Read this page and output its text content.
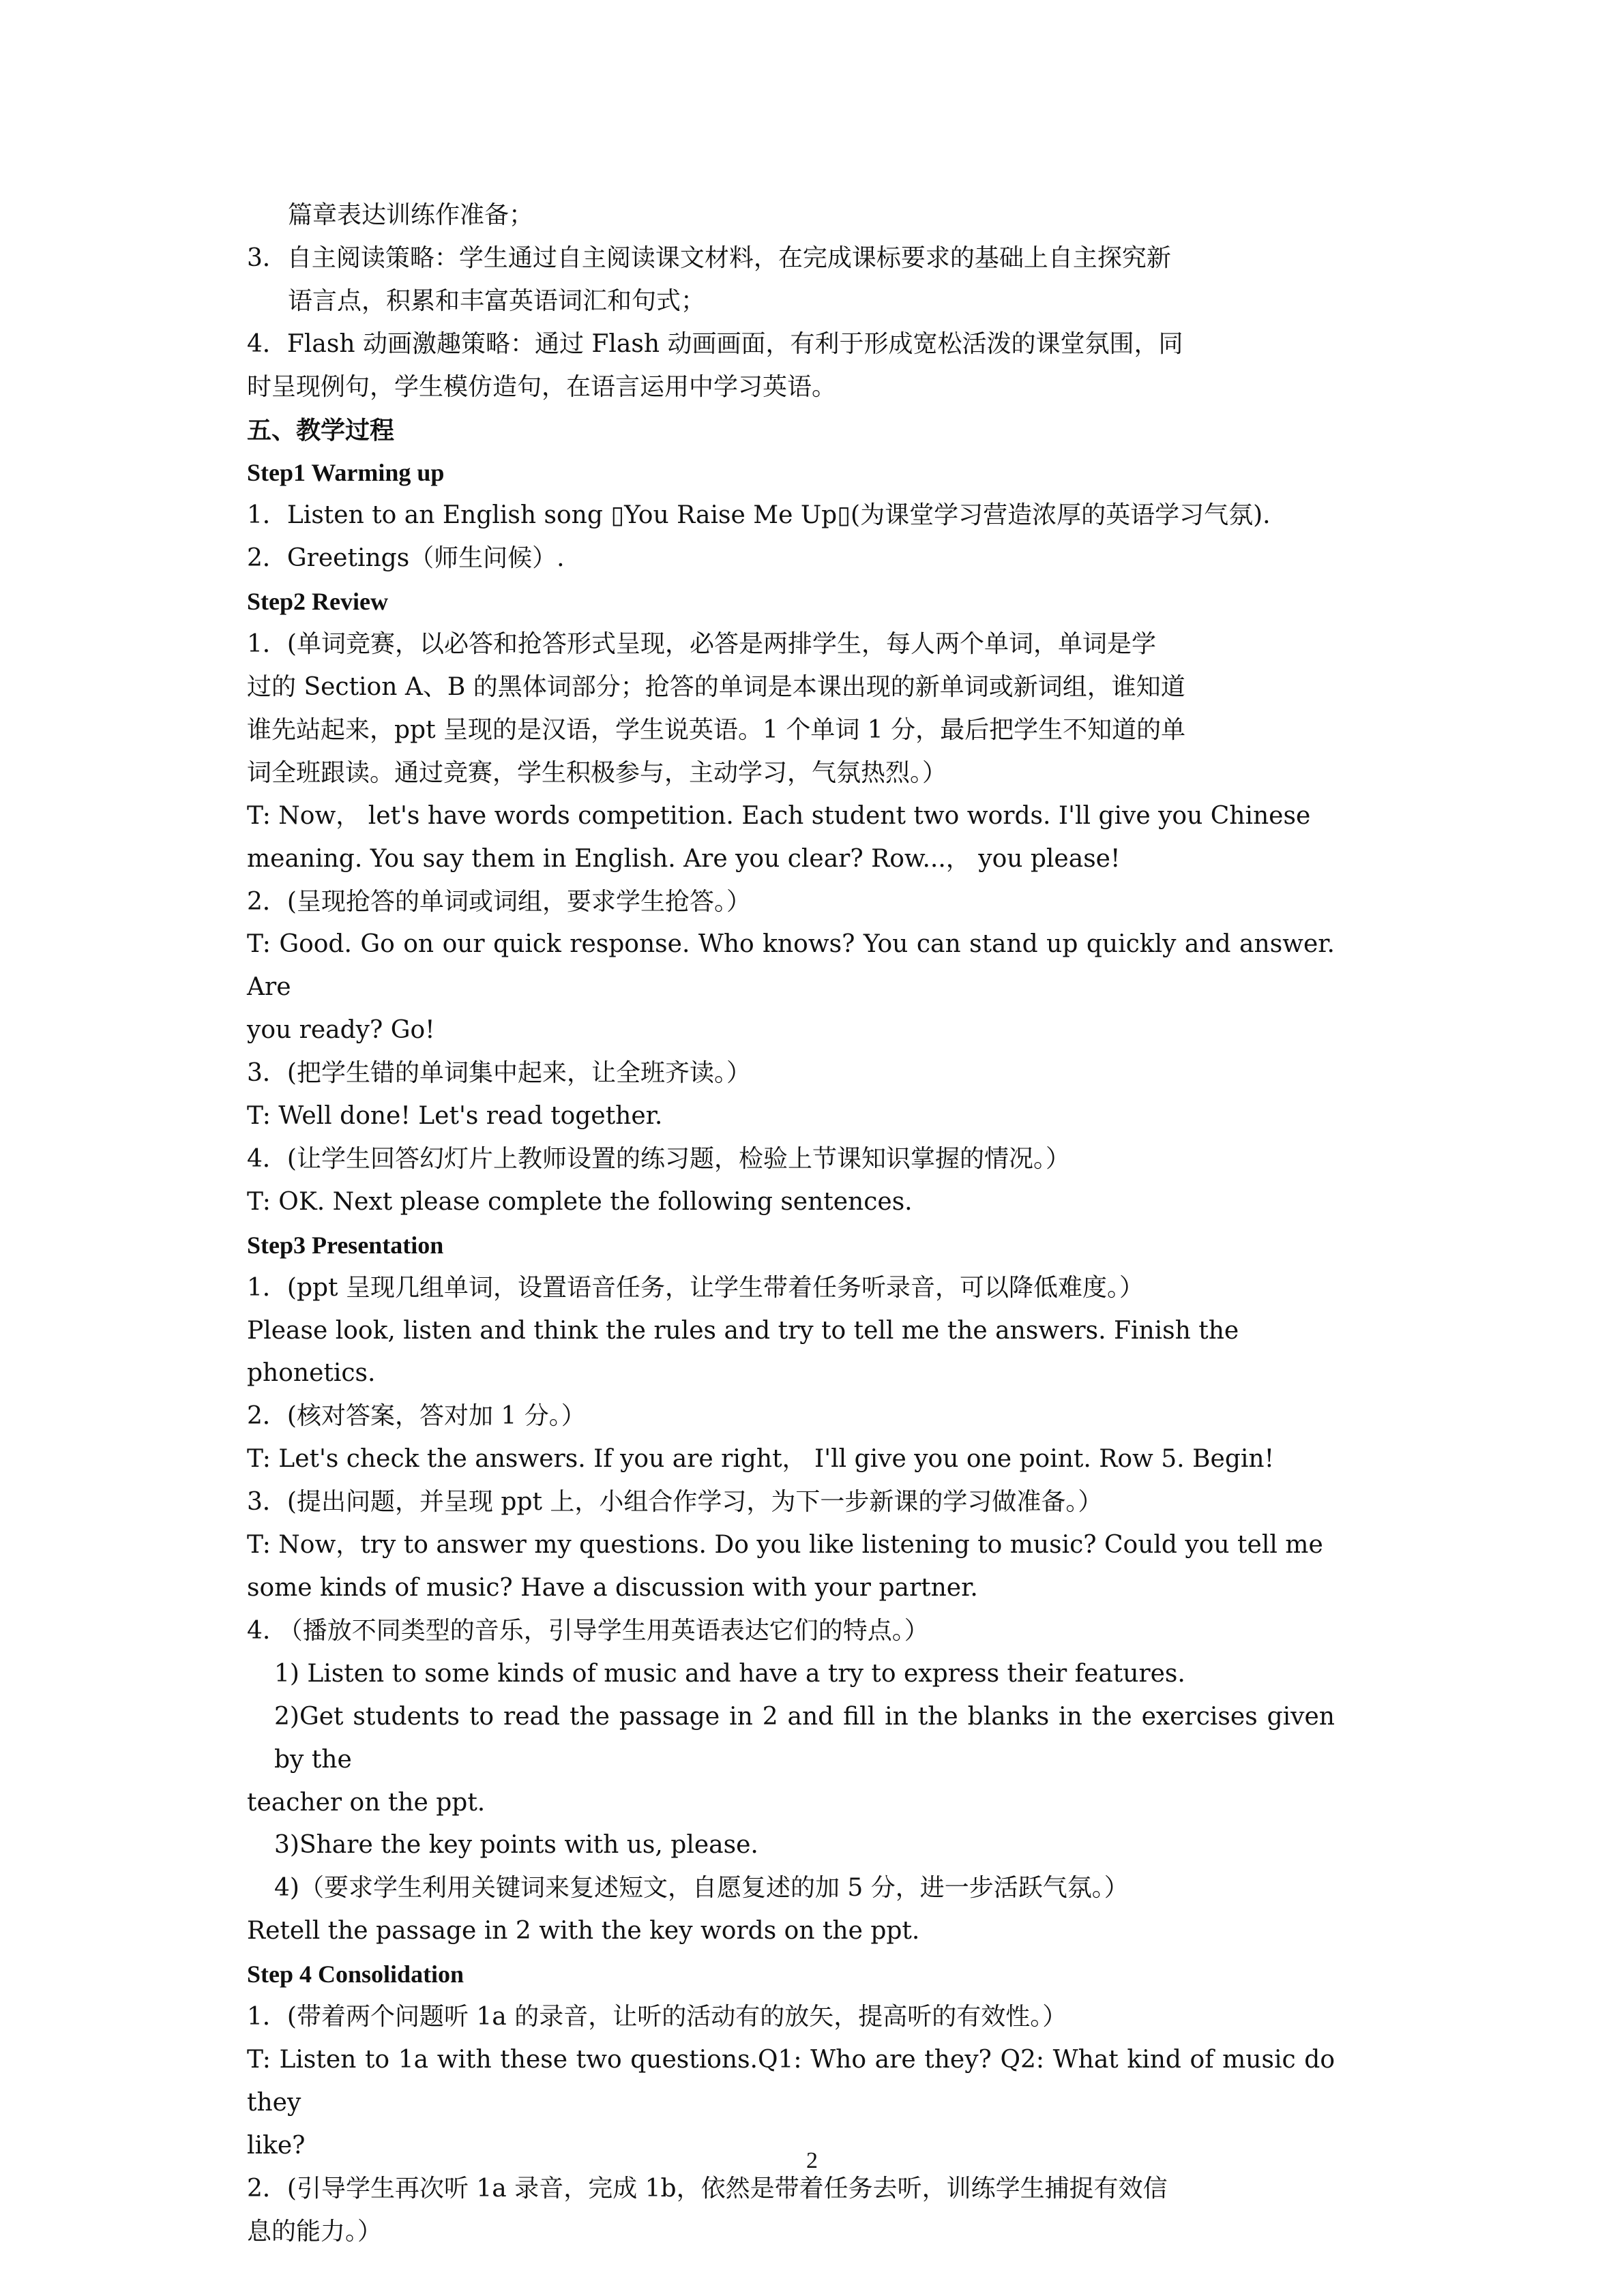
篇章表达训练作准备；

3．自主阅读策略：学生通过自主阅读课文材料，在完成课标要求的基础上自主探究新

语言点，积累和丰富英语词汇和句式；

4．Flash 动画激趣策略：通过 Flash 动画画面，有利于形成宽松活泼的课堂氛围，同

时呈现例句，学生模仿造句，在语言运用中学习英语。

五、教学过程

Step1 Warming up

1．Listen to an English song ▯You Raise Me Up▯(为课堂学习营造浓厚的英语学习气氛).

2．Greetings（师生问候）.

Step2 Review

1．(单词竞赛，以必答和抢答形式呈现，必答是两排学生，每人两个单词，单词是学

过的 Section A、B 的黑体词部分；抢答的单词是本课出现的新单词或新词组，谁知道

谁先站起来，ppt 呈现的是汉语，学生说英语。1 个单词 1 分，最后把学生不知道的单

词全班跟读。通过竞赛，学生积极参与，主动学习，气氛热烈。）

T: Now， let's have words competition. Each student two words. I'll give you Chinese

meaning. You say them in English. Are you clear? Row...， you please!

2．(呈现抢答的单词或词组，要求学生抢答。）

T: Good. Go on our quick response. Who knows? You can stand up quickly and answer. Are

you ready? Go!

3．(把学生错的单词集中起来，让全班齐读。）

T: Well done! Let's read together.

4．(让学生回答幻灯片上教师设置的练习题，检验上节课知识掌握的情况。）

T: OK. Next please complete the following sentences.

Step3 Presentation

1．(ppt 呈现几组单词，设置语音任务，让学生带着任务听录音，可以降低难度。）

Please look, listen and think the rules and try to tell me the answers. Finish the phonetics.

2．(核对答案，答对加 1 分。）

T: Let's check the answers. If you are right， I'll give you one point. Row 5. Begin!

3．(提出问题，并呈现 ppt 上，小组合作学习，为下一步新课的学习做准备。）

T: Now，try to answer my questions. Do you like listening to music? Could you tell me

some kinds of music? Have a discussion with your partner.

4. （播放不同类型的音乐，引导学生用英语表达它们的特点。）

1) Listen to some kinds of music and have a try to express their features.

2)Get students to read the passage in 2 and fill in the blanks in the exercises given by the

teacher on the ppt.

3)Share the key points with us, please.

4)（要求学生利用关键词来复述短文，自愿复述的加 5 分，进一步活跃气氛。）

Retell the passage in 2 with the key words on the ppt.

Step 4 Consolidation

1．(带着两个问题听 1a 的录音，让听的活动有的放矢，提高听的有效性。）

T: Listen to 1a with these two questions.Q1: Who are they? Q2: What kind of music do they

like?

2．(引导学生再次听 1a 录音，完成 1b，依然是带着任务去听，训练学生捕捉有效信

息的能力。）

2
